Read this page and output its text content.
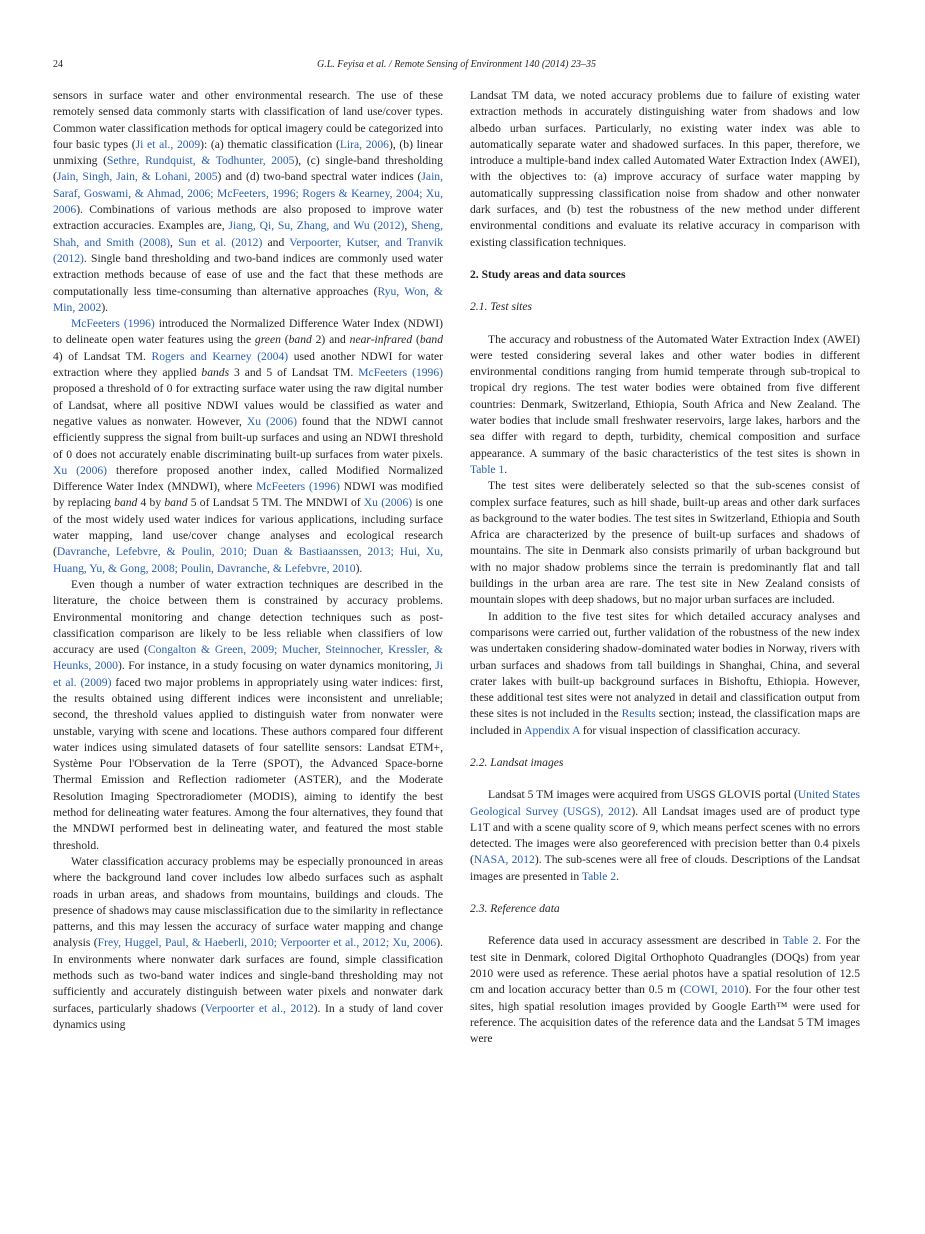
24	G.L. Feyisa et al. / Remote Sensing of Environment 140 (2014) 23–35

sensors in surface water and other environmental research. The use of these remotely sensed data commonly starts with classification of land use/cover types. Common water classification methods for optical imagery could be categorized into four basic types (Ji et al., 2009): (a) thematic classification (Lira, 2006), (b) linear unmixing (Sethre, Rundquist, & Todhunter, 2005), (c) single-band thresholding (Jain, Singh, Jain, & Lohani, 2005) and (d) two-band spectral water indices (Jain, Saraf, Goswami, & Ahmad, 2006; McFeeters, 1996; Rogers & Kearney, 2004; Xu, 2006). Combinations of various methods are also proposed to improve water extraction accuracies. Examples are, Jiang, Qi, Su, Zhang, and Wu (2012), Sheng, Shah, and Smith (2008), Sun et al. (2012) and Verpoorter, Kutser, and Tranvik (2012). Single band thresholding and two-band indices are commonly used water extraction methods because of ease of use and the fact that these methods are computationally less time-consuming than alternative approaches (Ryu, Won, & Min, 2002).

McFeeters (1996) introduced the Normalized Difference Water Index (NDWI) to delineate open water features using the green (band 2) and near-infrared (band 4) of Landsat TM. Rogers and Kearney (2004) used another NDWI for water extraction where they applied bands 3 and 5 of Landsat TM. McFeeters (1996) proposed a threshold of 0 for extracting surface water using the raw digital number of Landsat, where all positive NDWI values would be classified as water and negative values as nonwater. However, Xu (2006) found that the NDWI cannot efficiently suppress the signal from built-up surfaces and using an NDWI threshold of 0 does not accurately enable discriminating built-up surfaces from water pixels. Xu (2006) therefore proposed another index, called Modified Normalized Difference Water Index (MNDWI), where McFeeters (1996) NDWI was modified by replacing band 4 by band 5 of Landsat 5 TM. The MNDWI of Xu (2006) is one of the most widely used water indices for various applications, including surface water mapping, land use/cover change analyses and ecological research (Davranche, Lefebvre, & Poulin, 2010; Duan & Bastiaanssen, 2013; Hui, Xu, Huang, Yu, & Gong, 2008; Poulin, Davranche, & Lefebvre, 2010).

Even though a number of water extraction techniques are described in the literature, the choice between them is constrained by accuracy problems. Environmental monitoring and change detection techniques such as post-classification comparison are likely to be less reliable when classifiers of low accuracy are used (Congalton & Green, 2009; Mucher, Steinnocher, Kressler, & Heunks, 2000). For instance, in a study focusing on water dynamics monitoring, Ji et al. (2009) faced two major problems in appropriately using water indices: first, the results obtained using different indices were inconsistent and unreliable; second, the threshold values applied to distinguish water from nonwater were unstable, varying with scene and locations. These authors compared four different water indices using simulated datasets of four satellite sensors: Landsat ETM+, Système Pour l'Observation de la Terre (SPOT), the Advanced Space-borne Thermal Emission and Reflection radiometer (ASTER), and the Moderate Resolution Imaging Spectroradiometer (MODIS), aiming to identify the best method for delineating water features. Among the four alternatives, they found that the MNDWI performed best in delineating water, and featured the most stable threshold.

Water classification accuracy problems may be especially pronounced in areas where the background land cover includes low albedo surfaces such as asphalt roads in urban areas, and shadows from mountains, buildings and clouds. The presence of shadows may cause misclassification due to the similarity in reflectance patterns, and this may lessen the accuracy of surface water mapping and change analysis (Frey, Huggel, Paul, & Haeberli, 2010; Verpoorter et al., 2012; Xu, 2006). In environments where nonwater dark surfaces are found, simple classification methods such as two-band water indices and single-band thresholding may not sufficiently and accurately distinguish between water pixels and nonwater dark surfaces, particularly shadows (Verpoorter et al., 2012). In a study of land cover dynamics using

Landsat TM data, we noted accuracy problems due to failure of existing water extraction methods in accurately distinguishing water from shadows and low albedo urban surfaces. Particularly, no existing water index was able to automatically separate water and shadowed surfaces. In this paper, therefore, we introduce a multiple-band index called Automated Water Extraction Index (AWEI), with the objectives to: (a) improve accuracy of surface water mapping by automatically suppressing classification noise from shadow and other nonwater dark surfaces, and (b) test the robustness of the new method under different environmental conditions and evaluate its relative accuracy in comparison with existing classification techniques.

2. Study areas and data sources
2.1. Test sites

The accuracy and robustness of the Automated Water Extraction Index (AWEI) were tested considering several lakes and other water bodies in different environmental conditions ranging from humid temperate through sub-tropical to tropical dry regions. The test water bodies were obtained from five different countries: Denmark, Switzerland, Ethiopia, South Africa and New Zealand. The water bodies that include small freshwater reservoirs, large lakes, harbors and the sea differ with regard to depth, turbidity, chemical composition and surface appearance. A summary of the basic characteristics of the test sites is shown in Table 1.

The test sites were deliberately selected so that the sub-scenes consist of complex surface features, such as hill shade, built-up areas and other dark surfaces as background to the water bodies. The test sites in Switzerland, Ethiopia and South Africa are characterized by the presence of built-up surfaces and shadows of mountains. The site in Denmark also consists primarily of urban background but with no major shadow problems since the terrain is predominantly flat and tall buildings in the urban area are rare. The test site in New Zealand consists of mountain slopes with deep shadows, but no major urban surfaces are included.

In addition to the five test sites for which detailed accuracy analyses and comparisons were carried out, further validation of the robustness of the new index was undertaken considering shadow-dominated water bodies in Norway, rivers with urban surfaces and shadows from tall buildings in Shanghai, China, and several crater lakes with built-up background surfaces in Bishoftu, Ethiopia. However, these additional test sites were not analyzed in detail and classification output from these sites is not included in the Results section; instead, the classification maps are included in Appendix A for visual inspection of classification accuracy.

2.2. Landsat images

Landsat 5 TM images were acquired from USGS GLOVIS portal (United States Geological Survey (USGS), 2012). All Landsat images used are of product type L1T and with a scene quality score of 9, which means perfect scenes with no errors detected. The images were also georeferenced with precision better than 0.4 pixels (NASA, 2012). The sub-scenes were all free of clouds. Descriptions of the Landsat images are presented in Table 2.

2.3. Reference data

Reference data used in accuracy assessment are described in Table 2. For the test site in Denmark, colored Digital Orthophoto Quadrangles (DOQs) from year 2010 were used as reference. These aerial photos have a spatial resolution of 12.5 cm and location accuracy better than 0.5 m (COWI, 2010). For the four other test sites, high spatial resolution images provided by Google Earth™ were used for reference. The acquisition dates of the reference data and the Landsat 5 TM images were
